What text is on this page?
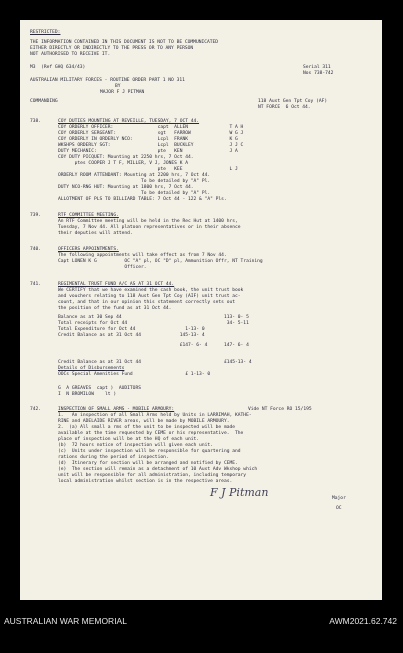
RESTRICTED:
THE INFORMATION CONTAINED IN THIS DOCUMENT IS NOT TO BE COMMUNICATED
EITHER DIRECTLY OR INDIRECTLY TO THE PRESS OR TO ANY PERSON
NOT AUTHORISED TO RECEIVE IT.
M3  (Ref GHQ 634/43)	Serial 311
Nos 738-742
AUSTRALIAN MILITARY FORCES - ROUTINE ORDER PART 1 NO 311
BY
MAJOR F J PITMAN
COMMANDING	118 Aust Gen Tpt Coy (AF)
NT FORCE  6 Oct 44.
738.	COY DUTIES MOUNTING AT REVEILLE, TUESDAY, 7 OCT 44.
COY ORDERLY OFFICER:                capt  ALLEN               T A H
COY ORDERLY SERGEANT:               sgt   FARROW              W G J
COY ORDERLY IN ORDERLY NCO:         Lcpl  FRANK               K G
WKSHPS ORDERLY SGT:                 Lcpl  BUCKLEY             J J C
DUTY MECHANIC:                      pte   KEN                 J A
COY DUTY PICQUET: Mounting at 2250 hrs, 7 Oct 44.
ptes COOPER J T F, MILLER, V J, JONES K A
pte   KEE                 L J
ORDERLY ROOM ATTENDANT: Mounting at 2200 hrs, 7 Oct 44.
To be detailed by "A" Pl.
DUTY NCO-RNG HUT: Mounting at 1800 hrs, 7 Oct 44.
To be detailed by "A" Pl.
ALLOTMENT OF PLS TO BILLIARD TABLE: 7 Oct 44 - 122 & "A" Pls.
739.	RTF COMMITTEE MEETING.
An RTF Committee meeting will be held in the Rec Hut at 1400 hrs,
Tuesday, 7 Nov 44. All platoon representatives or in their absence
their deputies will attend.
740.	OFFICERS APPOINTMENTS.
The following appointments will take effect as from 7 Nov 44.
Capt LONEN K G          OC "A" pl, OC "D" pl, Ammunition Offr, NT Training
Officer.
741.	REGIMENTAL TRUST FUND A/C AS AT 31 OCT 44.
We CERTIFY that we have examined the cash book, the unit trust book
and vouchers relating to 118 Aust Gen Tpt Coy (AIF) unit trust ac-
count, and that in our opinion this statement correctly sets out
the position of the fund as at 31 Oct 44.
Balance as at 30 Sep 44                                     113- 0- 5
Total receipts for Oct 44                                    34- 5-11
Total Expenditure for Oct 44                  1-13- 0
Credit Balance as at 31 Oct 44              145-13- 4
£147- 6- 4      147- 6- 4
Credit Balance as at 31 Oct 44                              £145-13- 4
Details of Disbursements
OOCs Special Amenities Fund                   £ 1-13- 0
G  A GREAVES  capt )  AUDITORS
I  N BROMILOW    lt )
742.	INSPECTION OF SMALL ARMS - MOBILE ARMOURY:	Vide NT Force RO 15/195
1.   An inspection of all Small Arms held by Units in LARRIMAH, KATHE-
RINE and ADELAIDE RIVER areas, will be made by MOBILE ARMOURY.
2.  (a) All small a rms of the unit to be inspected will be made
available at the time requested by CEME or his representative.  The
place of inspection will be at the HQ of each unit.
(b)  72 hours notice of inspection will given each unit.
(c)  Units under inspection will be responsible for quartering and
rations during the period of inspection.
(d)  Itinerary for section will be arranged and notified by CEME.
(e)  The section will remain as a detachment of 10 Aust Adv Wkshop which
unit will be responsible for all administration, including temporary
local administration whilst section is in the respective areas.
F J Pitman	Major
OC
AUSTRALIAN WAR MEMORIAL	AWM2021.62.742
